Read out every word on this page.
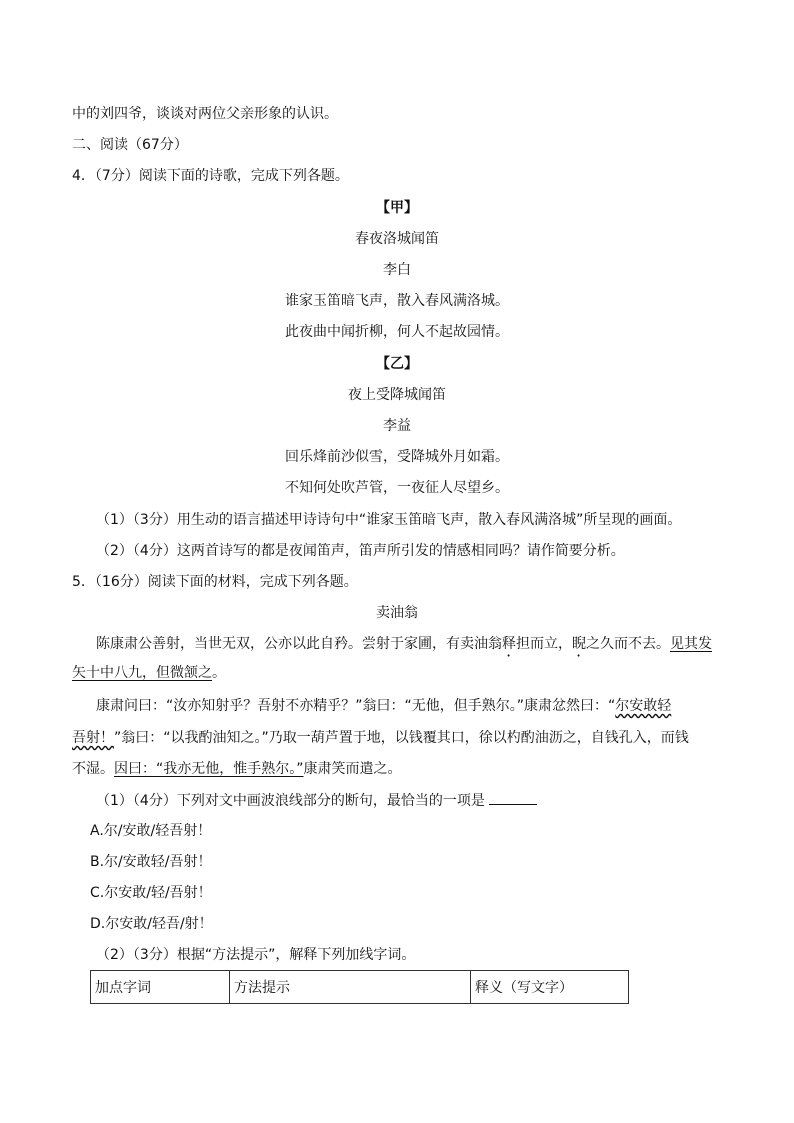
中的刘四爷，谈谈对两位父亲形象的认识。
二、阅读（67分）
4．（7分）阅读下面的诗歌，完成下列各题。
【甲】
春夜洛城闻笛
李白
谁家玉笛暗飞声，散入春风满洛城。
此夜曲中闻折柳，何人不起故园情。
【乙】
夜上受降城闻笛
李益
回乐烽前沙似雪，受降城外月如霜。
不知何处吹芦管，一夜征人尽望乡。
（1）（3分）用生动的语言描述甲诗诗句中“谁家玉笛暗飞声，散入春风满洛城”所呈现的画面。
（2）（4分）这两首诗写的都是夜闻笛声，笛声所引发的情感相同吗？请作简要分析。
5．（16分）阅读下面的材料，完成下列各题。
卖油翁
陈康肃公善射，当世无双，公亦以此自矜。尝射于家圃，有卖油翁释担而立，睨之久而不去。见其发
矢十中八九，但微颔之。
康肃问曰：“汝亦知射乎？吾射不亦精乎？”翁曰：“无他，但手熟尔。”康肃忿然曰：“尔安敢轻
吾射！”翁曰：“以我酌油知之。”乃取一葫芦置于地，以钱覆其口，徐以杓酌油沥之，自钱孔入，而钱
不湿。因曰：“我亦无他，惟手熟尔。”康肃笑而遣之。
（1）（4分）下列对文中画波浪线部分的断句，最恰当的一项是
A.尔/安敢/轻吾射！
B.尔/安敢轻/吾射！
C.尔安敢/轻/吾射！
D.尔安敢/轻吾/射！
（2）（3分）根据“方法提示”，解释下列加线字词。
加点字词	方法提示	释义（写文字）
